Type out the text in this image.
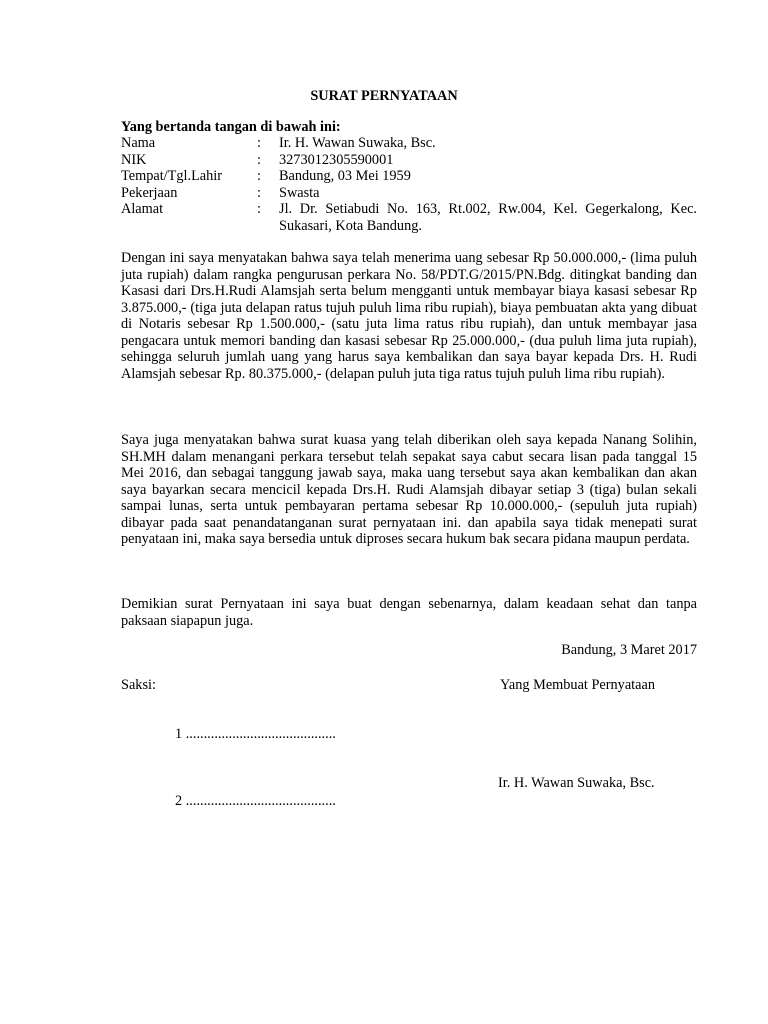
SURAT PERNYATAAN
Yang bertanda tangan di bawah ini:
Nama	: Ir. H. Wawan Suwaka, Bsc.
NIK	: 3273012305590001
Tempat/Tgl.Lahir : Bandung, 03 Mei 1959
Pekerjaan	: Swasta
Alamat	: Jl. Dr. Setiabudi No. 163, Rt.002, Rw.004, Kel. Gegerkalong, Kec. Sukasari, Kota Bandung.
Dengan ini saya menyatakan bahwa saya telah menerima uang sebesar Rp 50.000.000,- (lima puluh juta rupiah) dalam rangka pengurusan perkara No. 58/PDT.G/2015/PN.Bdg. ditingkat banding dan Kasasi dari Drs.H.Rudi Alamsjah serta belum mengganti untuk membayar biaya kasasi sebesar Rp 3.875.000,- (tiga juta delapan ratus tujuh puluh lima ribu rupiah), biaya pembuatan akta yang dibuat di Notaris sebesar Rp 1.500.000,- (satu juta lima ratus ribu rupiah), dan untuk membayar jasa pengacara untuk memori banding dan kasasi sebesar Rp 25.000.000,- (dua puluh lima juta rupiah), sehingga seluruh jumlah uang yang harus saya kembalikan dan saya bayar kepada Drs. H. Rudi Alamsjah sebesar Rp. 80.375.000,- (delapan puluh juta tiga ratus tujuh puluh lima ribu rupiah).
Saya juga menyatakan bahwa surat kuasa yang telah diberikan oleh saya kepada Nanang Solihin, SH.MH dalam menangani perkara tersebut telah sepakat saya cabut secara lisan pada tanggal 15 Mei 2016, dan sebagai tanggung jawab saya, maka uang tersebut saya akan kembalikan dan akan saya bayarkan secara mencicil kepada Drs.H. Rudi Alamsjah dibayar setiap 3 (tiga) bulan sekali sampai lunas, serta untuk pembayaran pertama sebesar Rp 10.000.000,- (sepuluh juta rupiah) dibayar pada saat penandatanganan surat pernyataan ini. dan apabila saya tidak menepati surat penyataan ini, maka saya bersedia untuk diproses secara hukum bak secara pidana maupun perdata.
Demikian surat Pernyataan ini saya buat dengan sebenarnya, dalam keadaan sehat dan tanpa paksaan siapapun juga.
Bandung, 3 Maret 2017
Saksi:	Yang Membuat Pernyataan
1 ..........................................
Ir. H. Wawan Suwaka, Bsc.
2 ..........................................
